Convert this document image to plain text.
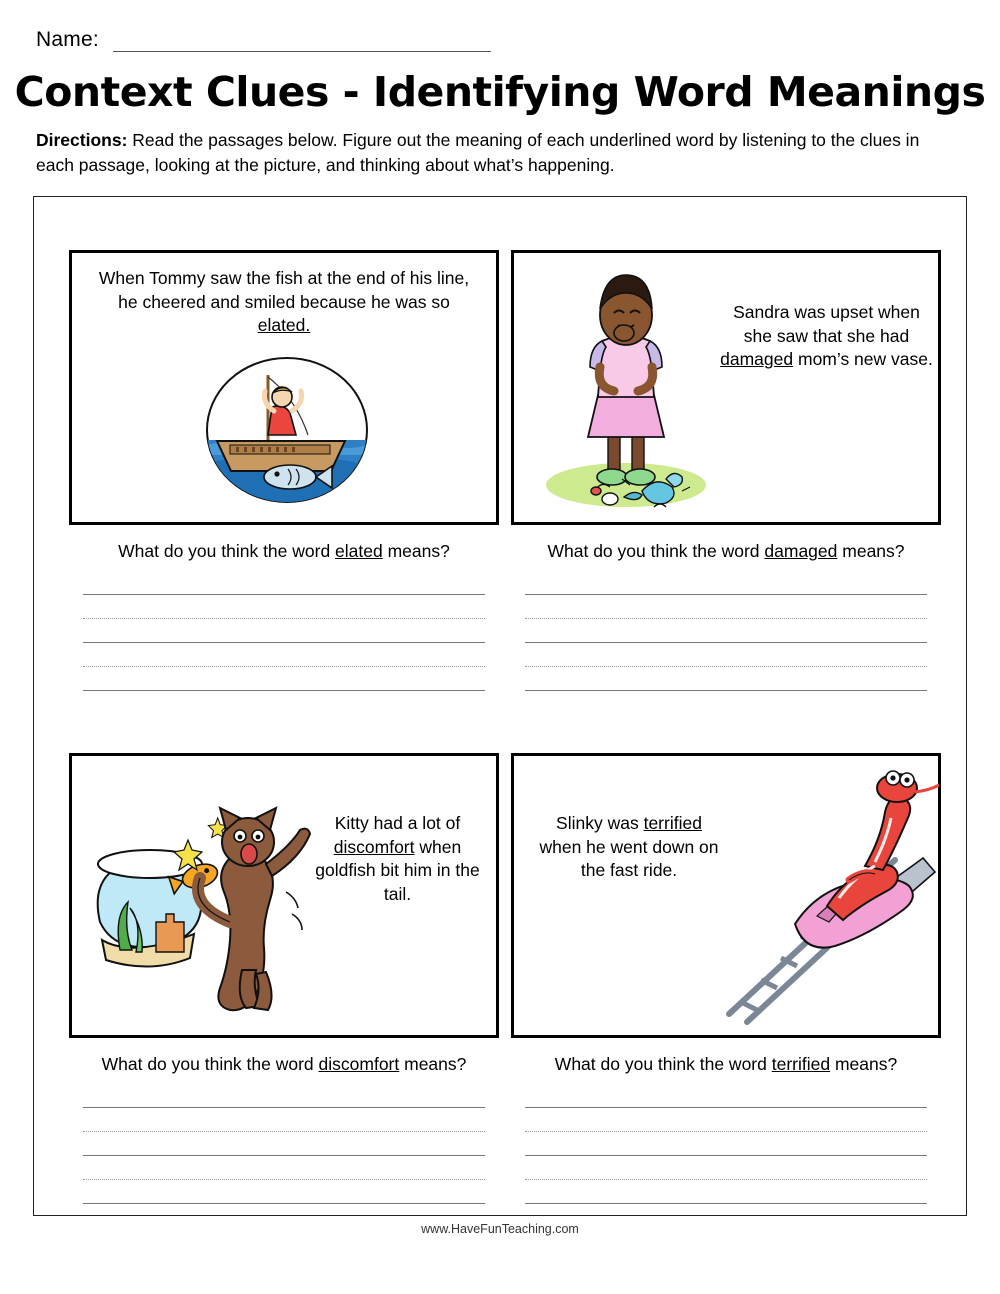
Name:
Context Clues - Identifying Word Meanings
Directions: Read the passages below. Figure out the meaning of each underlined word by listening to the clues in each passage, looking at the picture, and thinking about what’s happening.
When Tommy saw the fish at the end of his line, he cheered and smiled because he was so elated.
What do you think the word elated means?
Sandra was upset when she saw that she had damaged mom’s new vase.
What do you think the word damaged means?
Kitty had a lot of discomfort when goldfish bit him in the tail.
What do you think the word discomfort means?
Slinky was terrified when he went down on the fast ride.
What do you think the word terrified means?
www.HaveFunTeaching.com
